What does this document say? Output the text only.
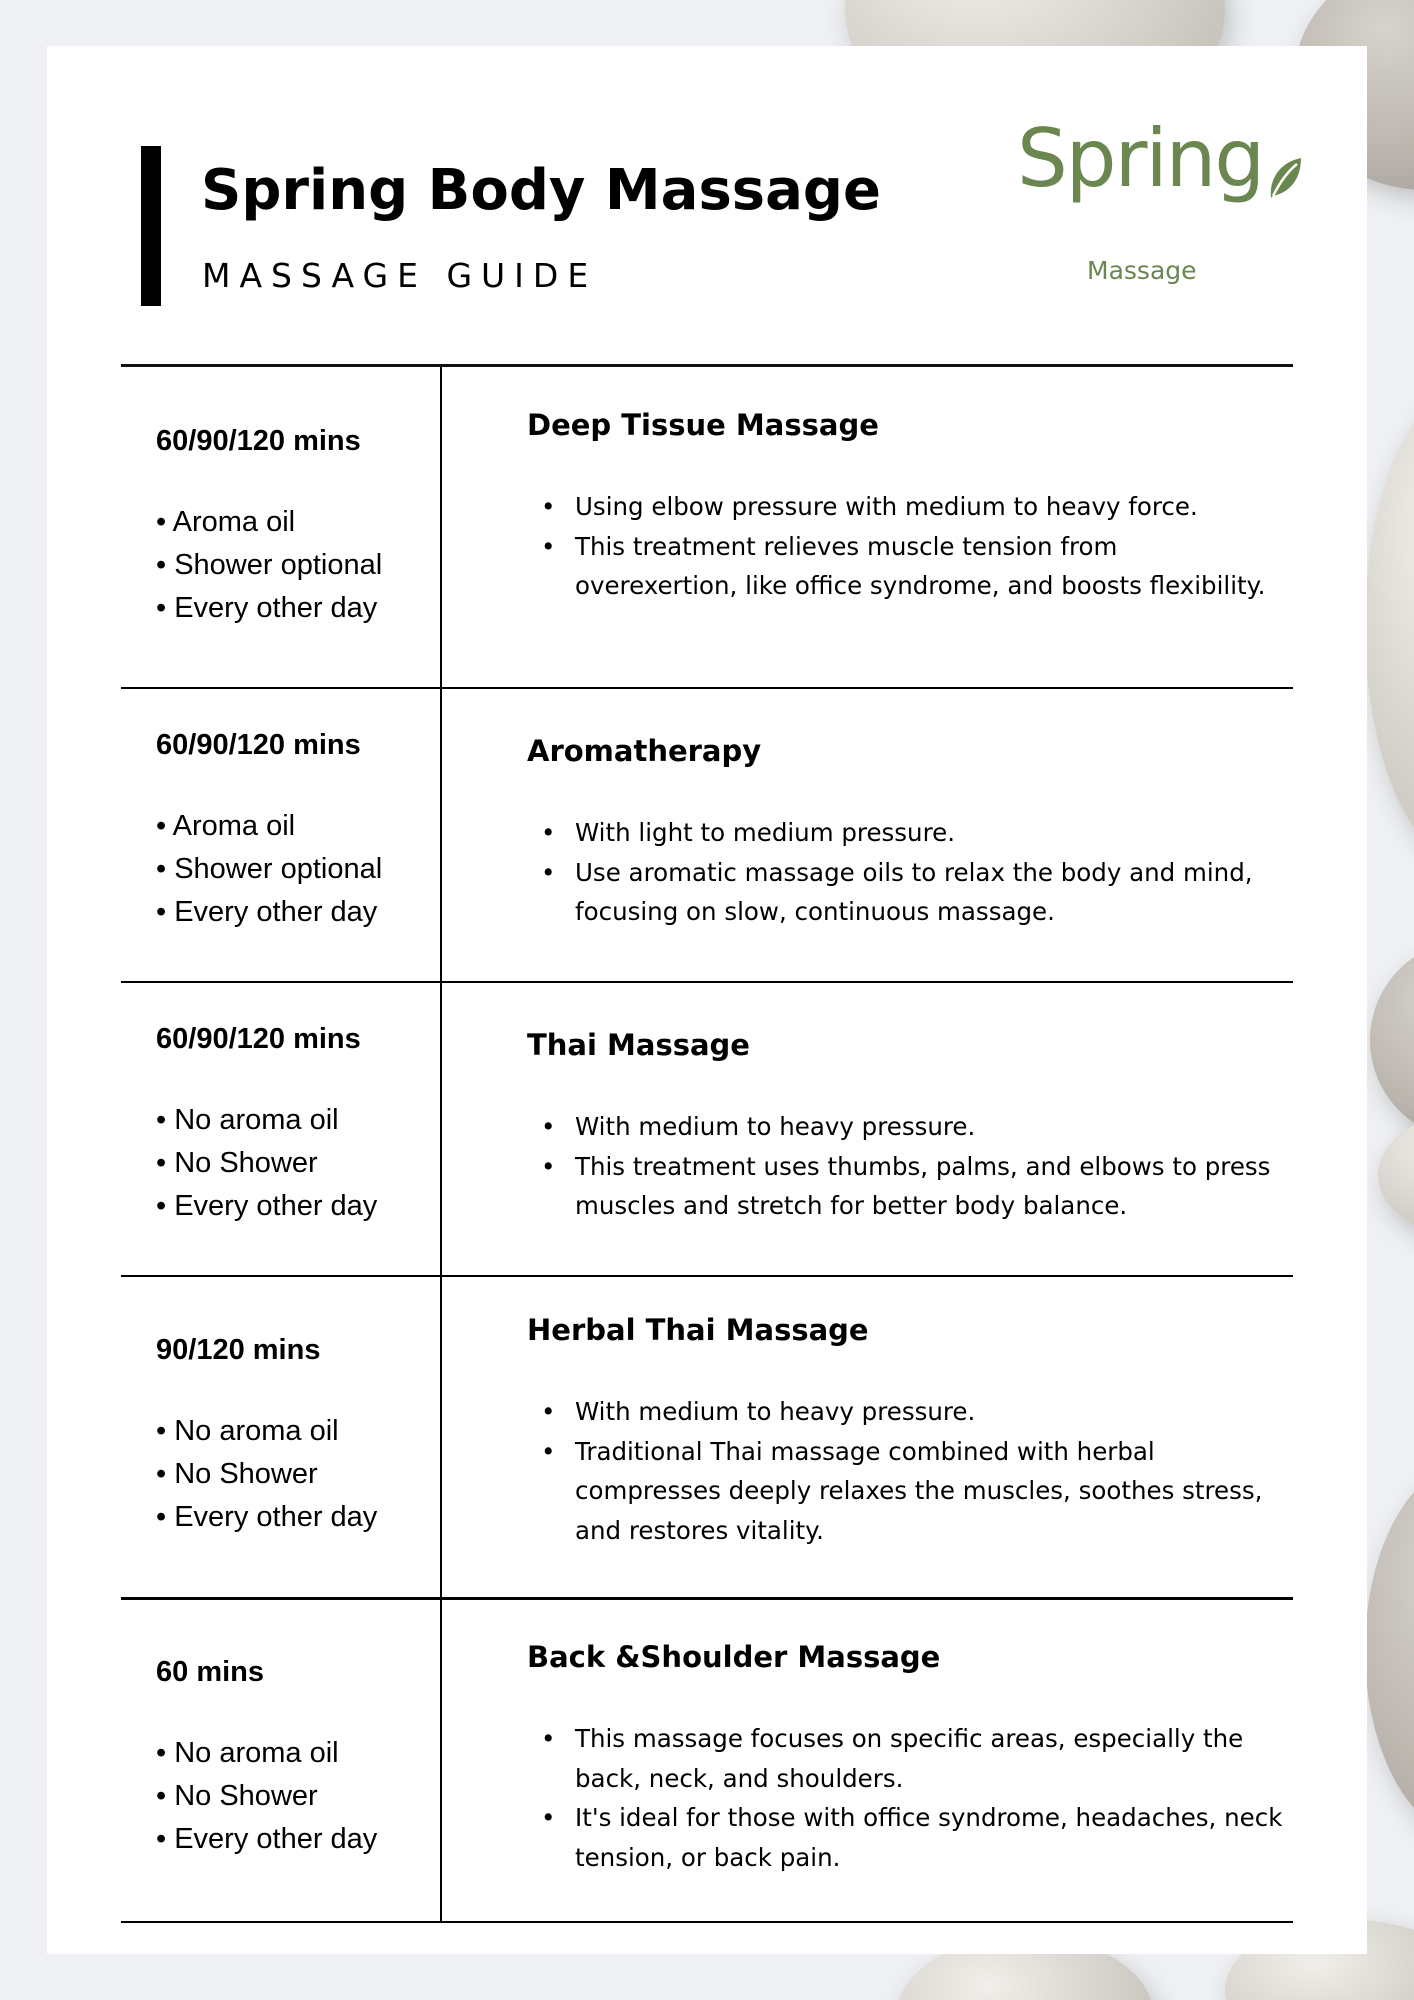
Spring Body Massage
MASSAGE GUIDE
Spring
Massage
60/90/120 mins
• Aroma oil
• Shower optional
• Every other day
Deep Tissue Massage
• Using elbow pressure with medium to heavy force.
• This treatment relieves muscle tension from overexertion, like office syndrome, and boosts flexibility.
60/90/120 mins
• Aroma oil
• Shower optional
• Every other day
Aromatherapy
• With light to medium pressure.
• Use aromatic massage oils to relax the body and mind, focusing on slow, continuous massage.
60/90/120 mins
• No aroma oil
• No Shower
• Every other day
Thai Massage
• With medium to heavy pressure.
• This treatment uses thumbs, palms, and elbows to press muscles and stretch for better body balance.
90/120 mins
• No aroma oil
• No Shower
• Every other day
Herbal Thai Massage
• With medium to heavy pressure.
• Traditional Thai massage combined with herbal compresses deeply relaxes the muscles, soothes stress, and restores vitality.
60 mins
• No aroma oil
• No Shower
• Every other day
Back &Shoulder Massage
• This massage focuses on specific areas, especially the back, neck, and shoulders.
• It's ideal for those with office syndrome, headaches, neck tension, or back pain.
